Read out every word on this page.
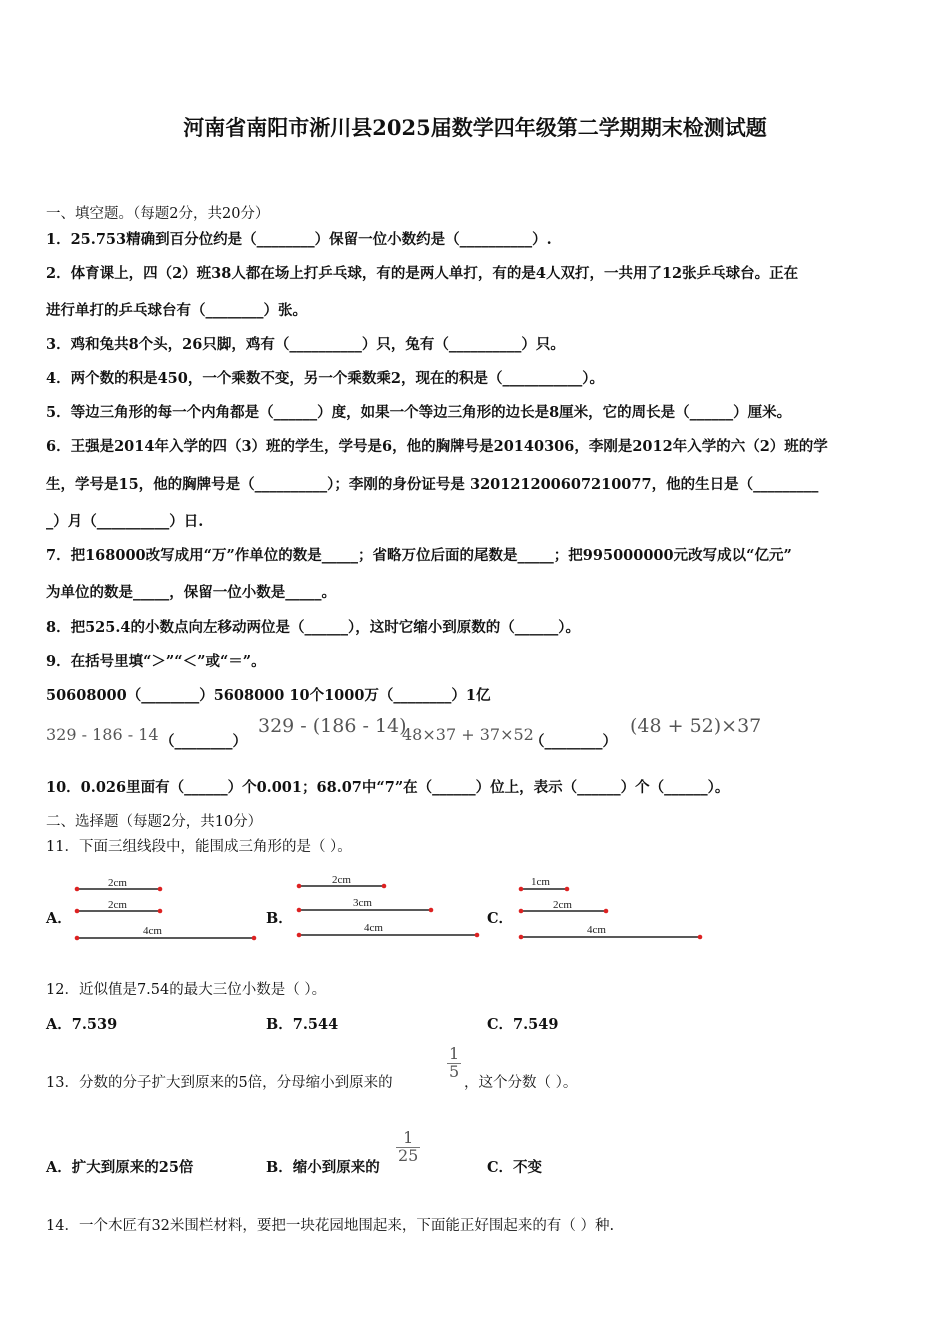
河南省南阳市淅川县2025届数学四年级第二学期期末检测试题
一、填空题。（每题2分，共20分）
1．25.753精确到百分位约是（________）保留一位小数约是（__________）.
2．体育课上，四（2）班38人都在场上打乒乓球，有的是两人单打，有的是4人双打，一共用了12张乒乓球台。正在
进行单打的乒乓球台有（________）张。
3．鸡和兔共8个头，26只脚，鸡有（__________）只，兔有（__________）只。
4．两个数的积是450，一个乘数不变，另一个乘数乘2，现在的积是（___________）。
5．等边三角形的每一个内角都是（______）度，如果一个等边三角形的边长是8厘米，它的周长是（______）厘米。
6．王强是2014年入学的四（3）班的学生，学号是6，他的胸牌号是20140306，李刚是2012年入学的六（2）班的学
生，学号是15，他的胸牌号是（__________）；李刚的身份证号是 320121200607210077，他的生日是（_________
_）月（__________）日.
7．把168000改写成用“万”作单位的数是_____；省略万位后面的尾数是_____；把995000000元改写成以“亿元”
为单位的数是_____，保留一位小数是_____。
8．把525.4的小数点向左移动两位是（______），这时它缩小到原数的（______）。
9．在括号里填“＞”“＜”或“＝”。
50608000（________）5608000 10个1000万（________）1亿
329 - 186 - 14 （________）
329 - (186 - 14)
48×37 + 37×52
（________）
(48 + 52)×37
10．0.026里面有（______）个0.001；68.07中“7”在（______）位上，表示（______）个（______）。
二、选择题（每题2分，共10分）
11．下面三组线段中，能围成三角形的是（ ）。
A．	B．	C．
2cm
2cm
4cm
2cm
3cm
4cm
1cm
2cm
4cm
12．近似值是7.54的最大三位小数是（ ）。
A．7.539	B．7.544	C．7.549
13．分数的分子扩大到原来的5倍，分母缩小到原来的
$\frac{1}{5}$
，这个分数（ ）。
A．扩大到原来的25倍	B．缩小到原来的
$\frac{1}{25}$
C．不变
14．一个木匠有32米围栏材料，要把一块花园地围起来，下面能正好围起来的有（ ）种.
